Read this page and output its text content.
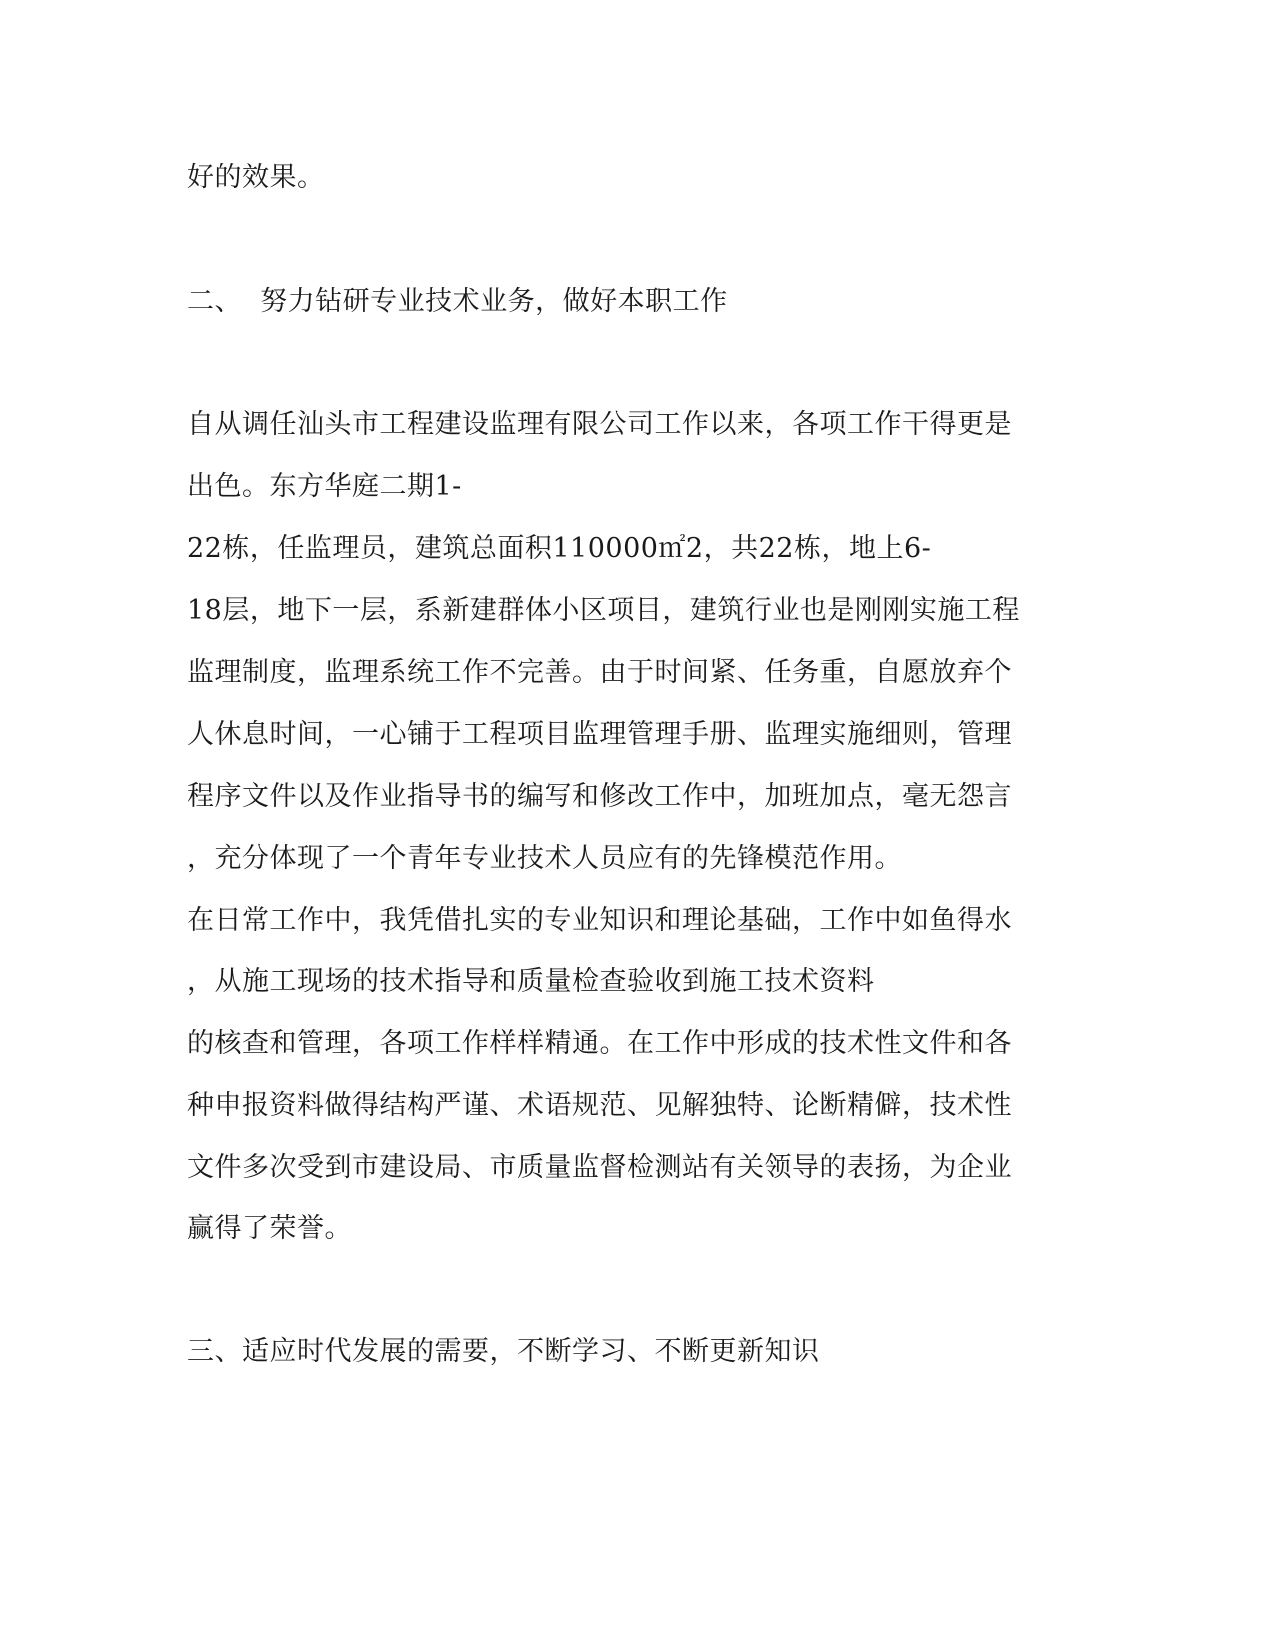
好的效果。
二、  努力钻研专业技术业务，做好本职工作
自从调任汕头市工程建设监理有限公司工作以来，各项工作干得更是
出色。东方华庭二期1-
22栋，任监理员，建筑总面积110000㎡2，共22栋，地上6-
18层，地下一层，系新建群体小区项目，建筑行业也是刚刚实施工程
监理制度，监理系统工作不完善。由于时间紧、任务重，自愿放弃个
人休息时间，一心铺于工程项目监理管理手册、监理实施细则，管理
程序文件以及作业指导书的编写和修改工作中，加班加点，毫无怨言
，充分体现了一个青年专业技术人员应有的先锋模范作用。
在日常工作中，我凭借扎实的专业知识和理论基础，工作中如鱼得水
，从施工现场的技术指导和质量检查验收到施工技术资料
的核查和管理，各项工作样样精通。在工作中形成的技术性文件和各
种申报资料做得结构严谨、术语规范、见解独特、论断精僻，技术性
文件多次受到市建设局、市质量监督检测站有关领导的表扬，为企业
赢得了荣誉。
三、适应时代发展的需要，不断学习、不断更新知识
